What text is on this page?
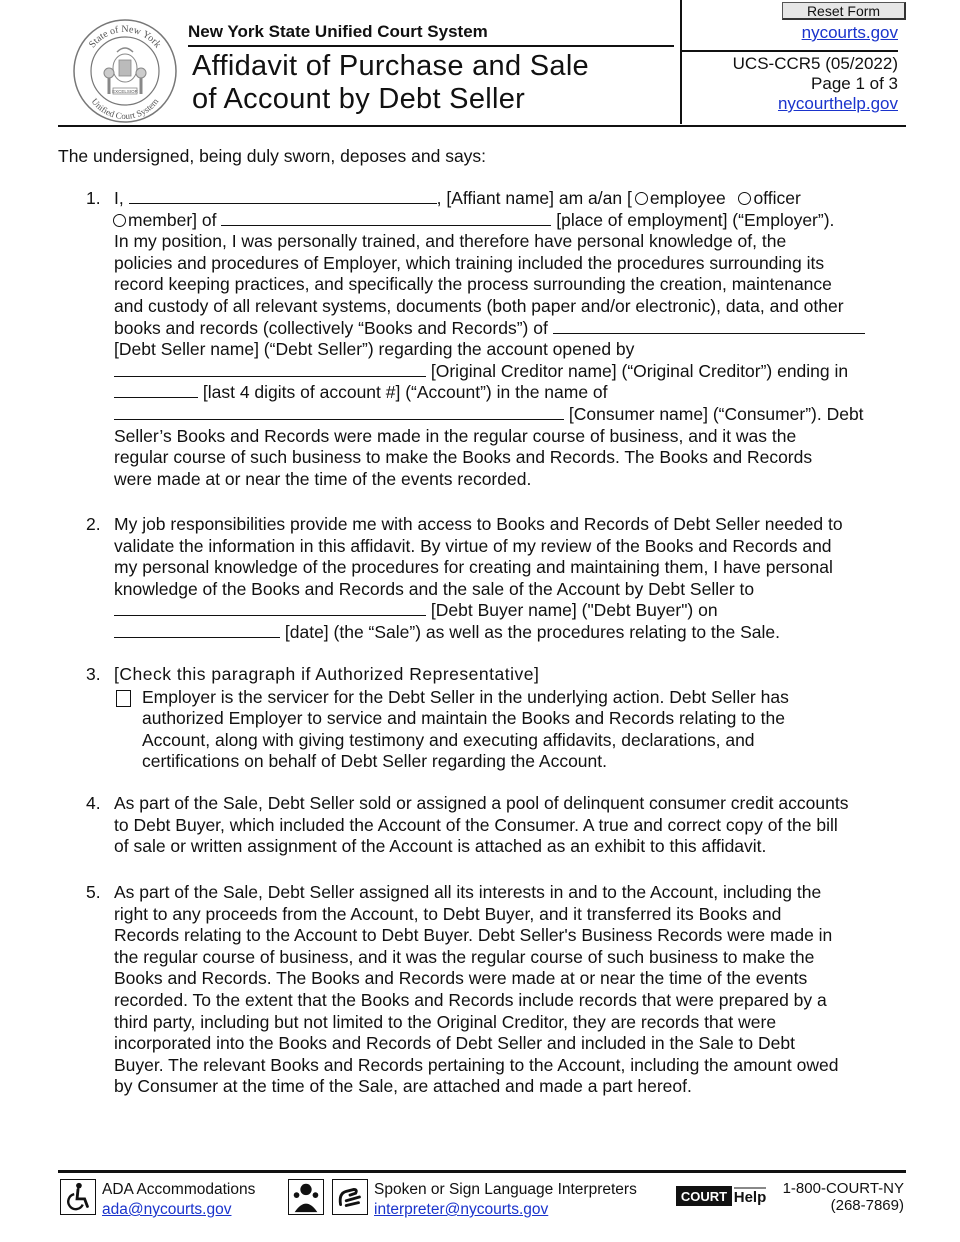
State of New York
Unified Court System
EXCELSIOR
New York State Unified Court System
Affidavit of Purchase and Sale
of Account by Debt Seller
Reset Form
nycourts.gov
UCS-CCR5 (05/2022)
Page 1 of 3
nycourthelp.gov
The undersigned, being duly sworn, deposes and says:
1. I,	, [Affiant name] am a/an [ employee officer
member] of	[place of employment] (“Employer”).
In my position, I was personally trained, and therefore have personal knowledge of, the
policies and procedures of Employer, which training included the procedures surrounding its
record keeping practices, and specifically the process surrounding the creation, maintenance
and custody of all relevant systems, documents (both paper and/or electronic), data, and other
books and records (collectively “Books and Records”) of
[Debt Seller name] (“Debt Seller”) regarding the account opened by
[Original Creditor name] (“Original Creditor”) ending in
[last 4 digits of account #] (“Account”) in the name of
[Consumer name] (“Consumer”). Debt
Seller’s Books and Records were made in the regular course of business, and it was the
regular course of such business to make the Books and Records. The Books and Records
were made at or near the time of the events recorded.
2. My job responsibilities provide me with access to Books and Records of Debt Seller needed to
validate the information in this affidavit. By virtue of my review of the Books and Records and
my personal knowledge of the procedures for creating and maintaining them, I have personal
knowledge of the Books and Records and the sale of the Account by Debt Seller to
[Debt Buyer name] ("Debt Buyer") on
[date] (the “Sale”) as well as the procedures relating to the Sale.
3. [Check this paragraph if Authorized Representative]
Employer is the servicer for the Debt Seller in the underlying action. Debt Seller has
authorized Employer to service and maintain the Books and Records relating to the
Account, along with giving testimony and executing affidavits, declarations, and
certifications on behalf of Debt Seller regarding the Account.
4. As part of the Sale, Debt Seller sold or assigned a pool of delinquent consumer credit accounts
to Debt Buyer, which included the Account of the Consumer. A true and correct copy of the bill
of sale or written assignment of the Account is attached as an exhibit to this affidavit.
5. As part of the Sale, Debt Seller assigned all its interests in and to the Account, including the
right to any proceeds from the Account, to Debt Buyer, and it transferred its Books and
Records relating to the Account to Debt Buyer. Debt Seller's Business Records were made in
the regular course of business, and it was the regular course of such business to make the
Books and Records. The Books and Records were made at or near the time of the events
recorded. To the extent that the Books and Records include records that were prepared by a
third party, including but not limited to the Original Creditor, they are records that were
incorporated into the Books and Records of Debt Seller and included in the Sale to Debt
Buyer. The relevant Books and Records pertaining to the Account, including the amount owed
by Consumer at the time of the Sale, are attached and made a part hereof.
ADA Accommodations
ada@nycourts.gov
Spoken or Sign Language Interpreters
interpreter@nycourts.gov
COURT Help
1-800-COURT-NY
(268-7869)
